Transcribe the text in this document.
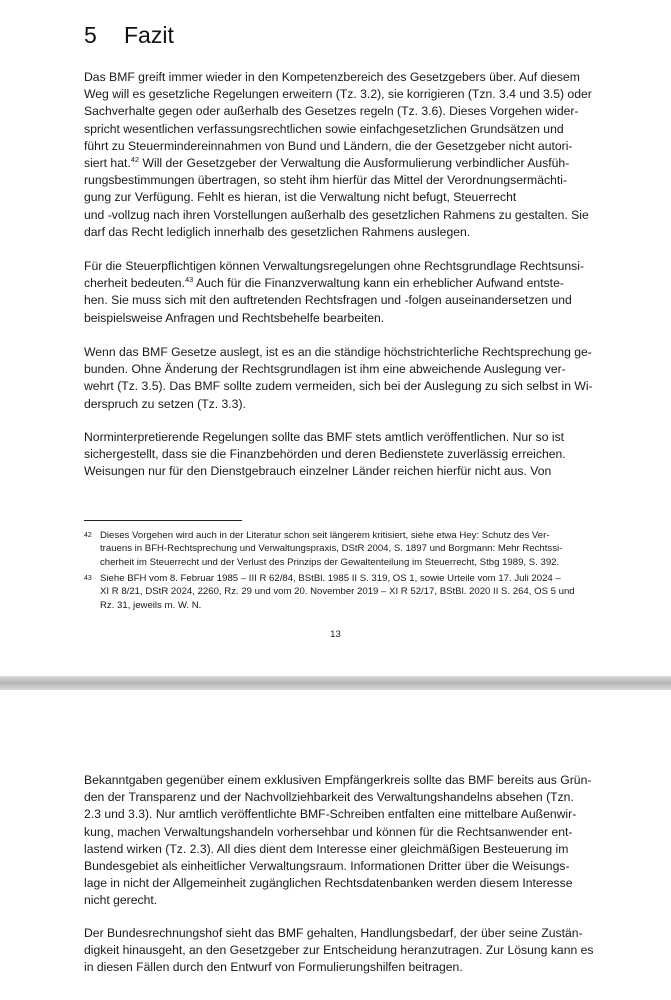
5 Fazit
Das BMF greift immer wieder in den Kompetenzbereich des Gesetzgebers über. Auf diesem
Weg will es gesetzliche Regelungen erweitern (Tz. 3.2), sie korrigieren (Tzn. 3.4 und 3.5) oder
Sachverhalte gegen oder außerhalb des Gesetzes regeln (Tz. 3.6). Dieses Vorgehen wider-
spricht wesentlichen verfassungsrechtlichen sowie einfachgesetzlichen Grundsätzen und
führt zu Steuermindereinnahmen von Bund und Ländern, die der Gesetzgeber nicht autori-
siert hat.$^{42}$ Will der Gesetzgeber der Verwaltung die Ausformulierung verbindlicher Ausfüh-
rungsbestimmungen übertragen, so steht ihm hierfür das Mittel der Verordnungsermächti-
gung zur Verfügung. Fehlt es hieran, ist die Verwaltung nicht befugt, Steuerrecht
und -vollzug nach ihren Vorstellungen außerhalb des gesetzlichen Rahmens zu gestalten. Sie
darf das Recht lediglich innerhalb des gesetzlichen Rahmens auslegen.
Für die Steuerpflichtigen können Verwaltungsregelungen ohne Rechtsgrundlage Rechtsunsi-
cherheit bedeuten.$^{43}$ Auch für die Finanzverwaltung kann ein erheblicher Aufwand entste-
hen. Sie muss sich mit den auftretenden Rechtsfragen und -folgen auseinandersetzen und
beispielsweise Anfragen und Rechtsbehelfe bearbeiten.
Wenn das BMF Gesetze auslegt, ist es an die ständige höchstrichterliche Rechtsprechung ge-
bunden. Ohne Änderung der Rechtsgrundlagen ist ihm eine abweichende Auslegung ver-
wehrt (Tz. 3.5). Das BMF sollte zudem vermeiden, sich bei der Auslegung zu sich selbst in Wi-
derspruch zu setzen (Tz. 3.3).
Norminterpretierende Regelungen sollte das BMF stets amtlich veröffentlichen. Nur so ist
sichergestellt, dass sie die Finanzbehörden und deren Bedienstete zuverlässig erreichen.
Weisungen nur für den Dienstgebrauch einzelner Länder reichen hierfür nicht aus. Von
42 Dieses Vorgehen wird auch in der Literatur schon seit längerem kritisiert, siehe etwa Hey: Schutz des Ver-
trauens in BFH-Rechtsprechung und Verwaltungspraxis, DStR 2004, S. 1897 und Borgmann: Mehr Rechtssi-
cherheit im Steuerrecht und der Verlust des Prinzips der Gewaltenteilung im Steuerrecht, Stbg 1989, S. 392.
43 Siehe BFH vom 8. Februar 1985 – III R 62/84, BStBl. 1985 II S. 319, OS 1, sowie Urteile vom 17. Juli 2024 –
XI R 8/21, DStR 2024, 2260, Rz. 29 und vom 20. November 2019 – XI R 52/17, BStBl. 2020 II S. 264, OS 5 und
Rz. 31, jeweils m. W. N.
13
Bekanntgaben gegenüber einem exklusiven Empfängerkreis sollte das BMF bereits aus Grün-
den der Transparenz und der Nachvollziehbarkeit des Verwaltungshandelns absehen (Tzn.
2.3 und 3.3). Nur amtlich veröffentlichte BMF-Schreiben entfalten eine mittelbare Außenwir-
kung, machen Verwaltungshandeln vorhersehbar und können für die Rechtsanwender ent-
lastend wirken (Tz. 2.3). All dies dient dem Interesse einer gleichmäßigen Besteuerung im
Bundesgebiet als einheitlicher Verwaltungsraum. Informationen Dritter über die Weisungs-
lage in nicht der Allgemeinheit zugänglichen Rechtsdatenbanken werden diesem Interesse
nicht gerecht.
Der Bundesrechnungshof sieht das BMF gehalten, Handlungsbedarf, der über seine Zustän-
digkeit hinausgeht, an den Gesetzgeber zur Entscheidung heranzutragen. Zur Lösung kann es
in diesen Fällen durch den Entwurf von Formulierungshilfen beitragen.
